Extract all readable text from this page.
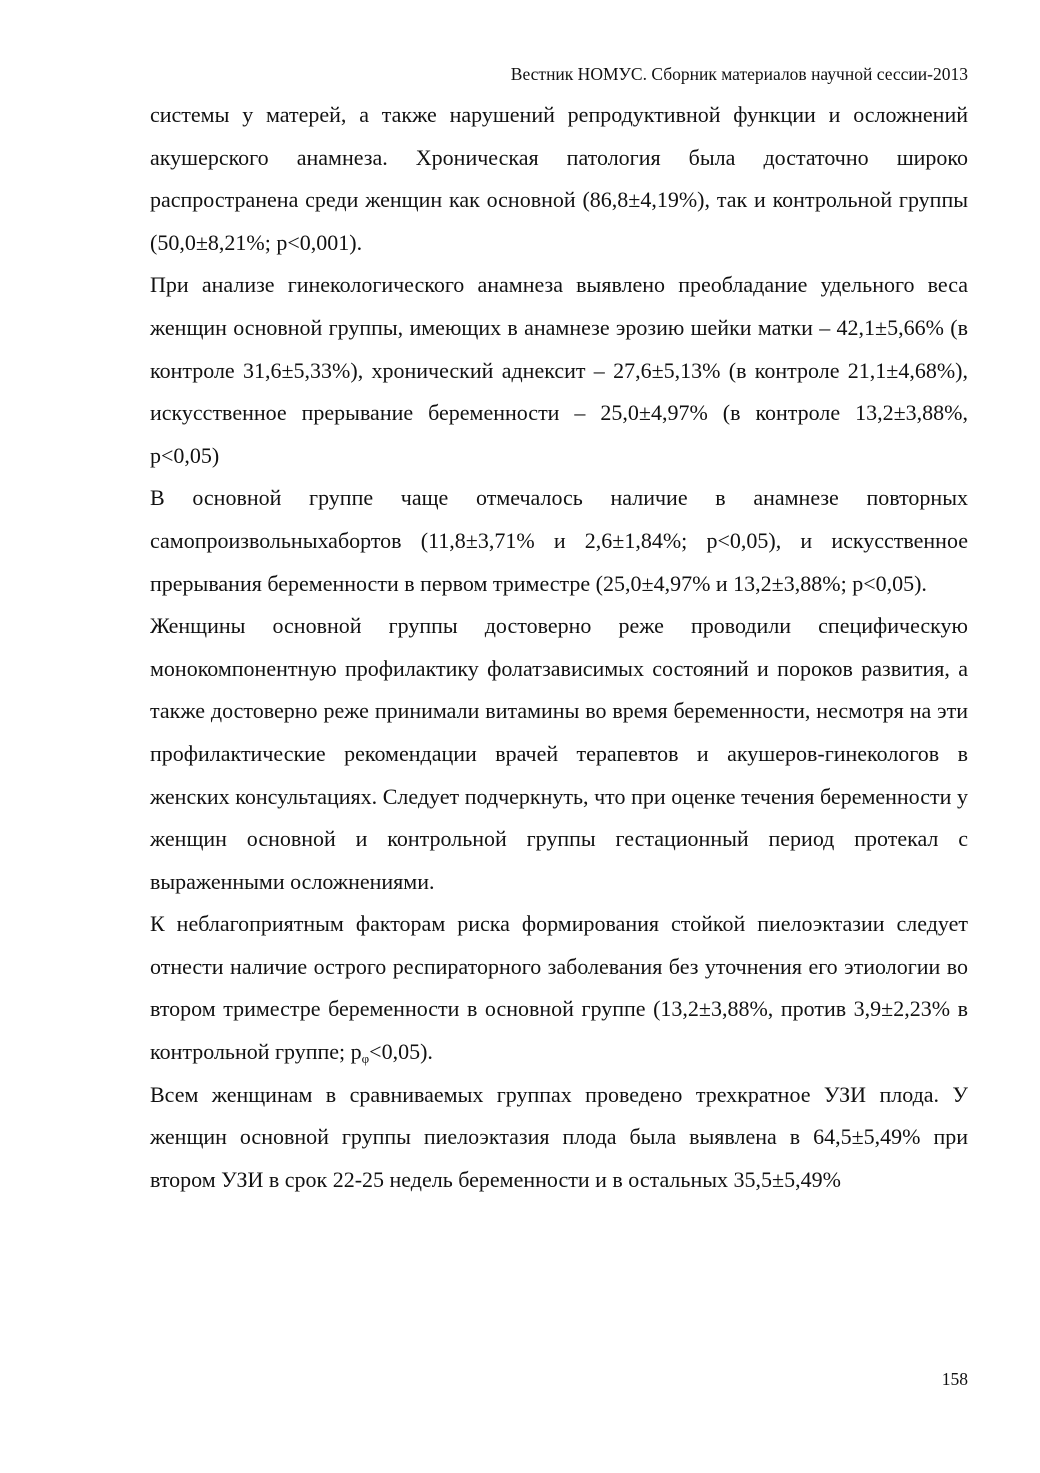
Вестник НОМУС. Сборник материалов научной сессии-2013

системы у матерей, а также нарушений репродуктивной функции и осложнений акушерского анамнеза. Хроническая патология была достаточно широко распространена среди женщин как основной (86,8±4,19%), так и контрольной группы (50,0±8,21%; p<0,001).

При анализе гинекологического анамнеза выявлено преобладание удельного веса женщин основной группы, имеющих в анамнезе эрозию шейки матки – 42,1±5,66% (в контроле 31,6±5,33%), хронический аднексит – 27,6±5,13% (в контроле 21,1±4,68%), искусственное прерывание беременности – 25,0±4,97% (в контроле 13,2±3,88%, p<0,05)

В основной группе чаще отмечалось наличие в анамнезе повторных самопроизвольныхабортов (11,8±3,71% и 2,6±1,84%; p<0,05), и искусственное прерывания беременности в первом триместре (25,0±4,97% и 13,2±3,88%; p<0,05).

Женщины основной группы достоверно реже проводили специфическую монокомпонентную профилактику фолатзависимых состояний и пороков развития, а также достоверно реже принимали витамины во время беременности, несмотря на эти профилактические рекомендации врачей терапевтов и акушеров-гинекологов в женских консультациях. Следует подчеркнуть, что при оценке течения беременности у женщин основной и контрольной группы гестационный период протекал с выраженными осложнениями.

К неблагоприятным факторам риска формирования стойкой пиелоэктазии следует отнести наличие острого респираторного заболевания без уточнения его этиологии во втором триместре беременности в основной группе (13,2±3,88%, против 3,9±2,23% в контрольной группе; $p_\varphi<0,05$).

Всем женщинам в сравниваемых группах проведено трехкратное УЗИ плода. У женщин основной группы пиелоэктазия плода была выявлена в 64,5±5,49% при втором УЗИ в срок 22-25 недель беременности и в остальных 35,5±5,49%

158
